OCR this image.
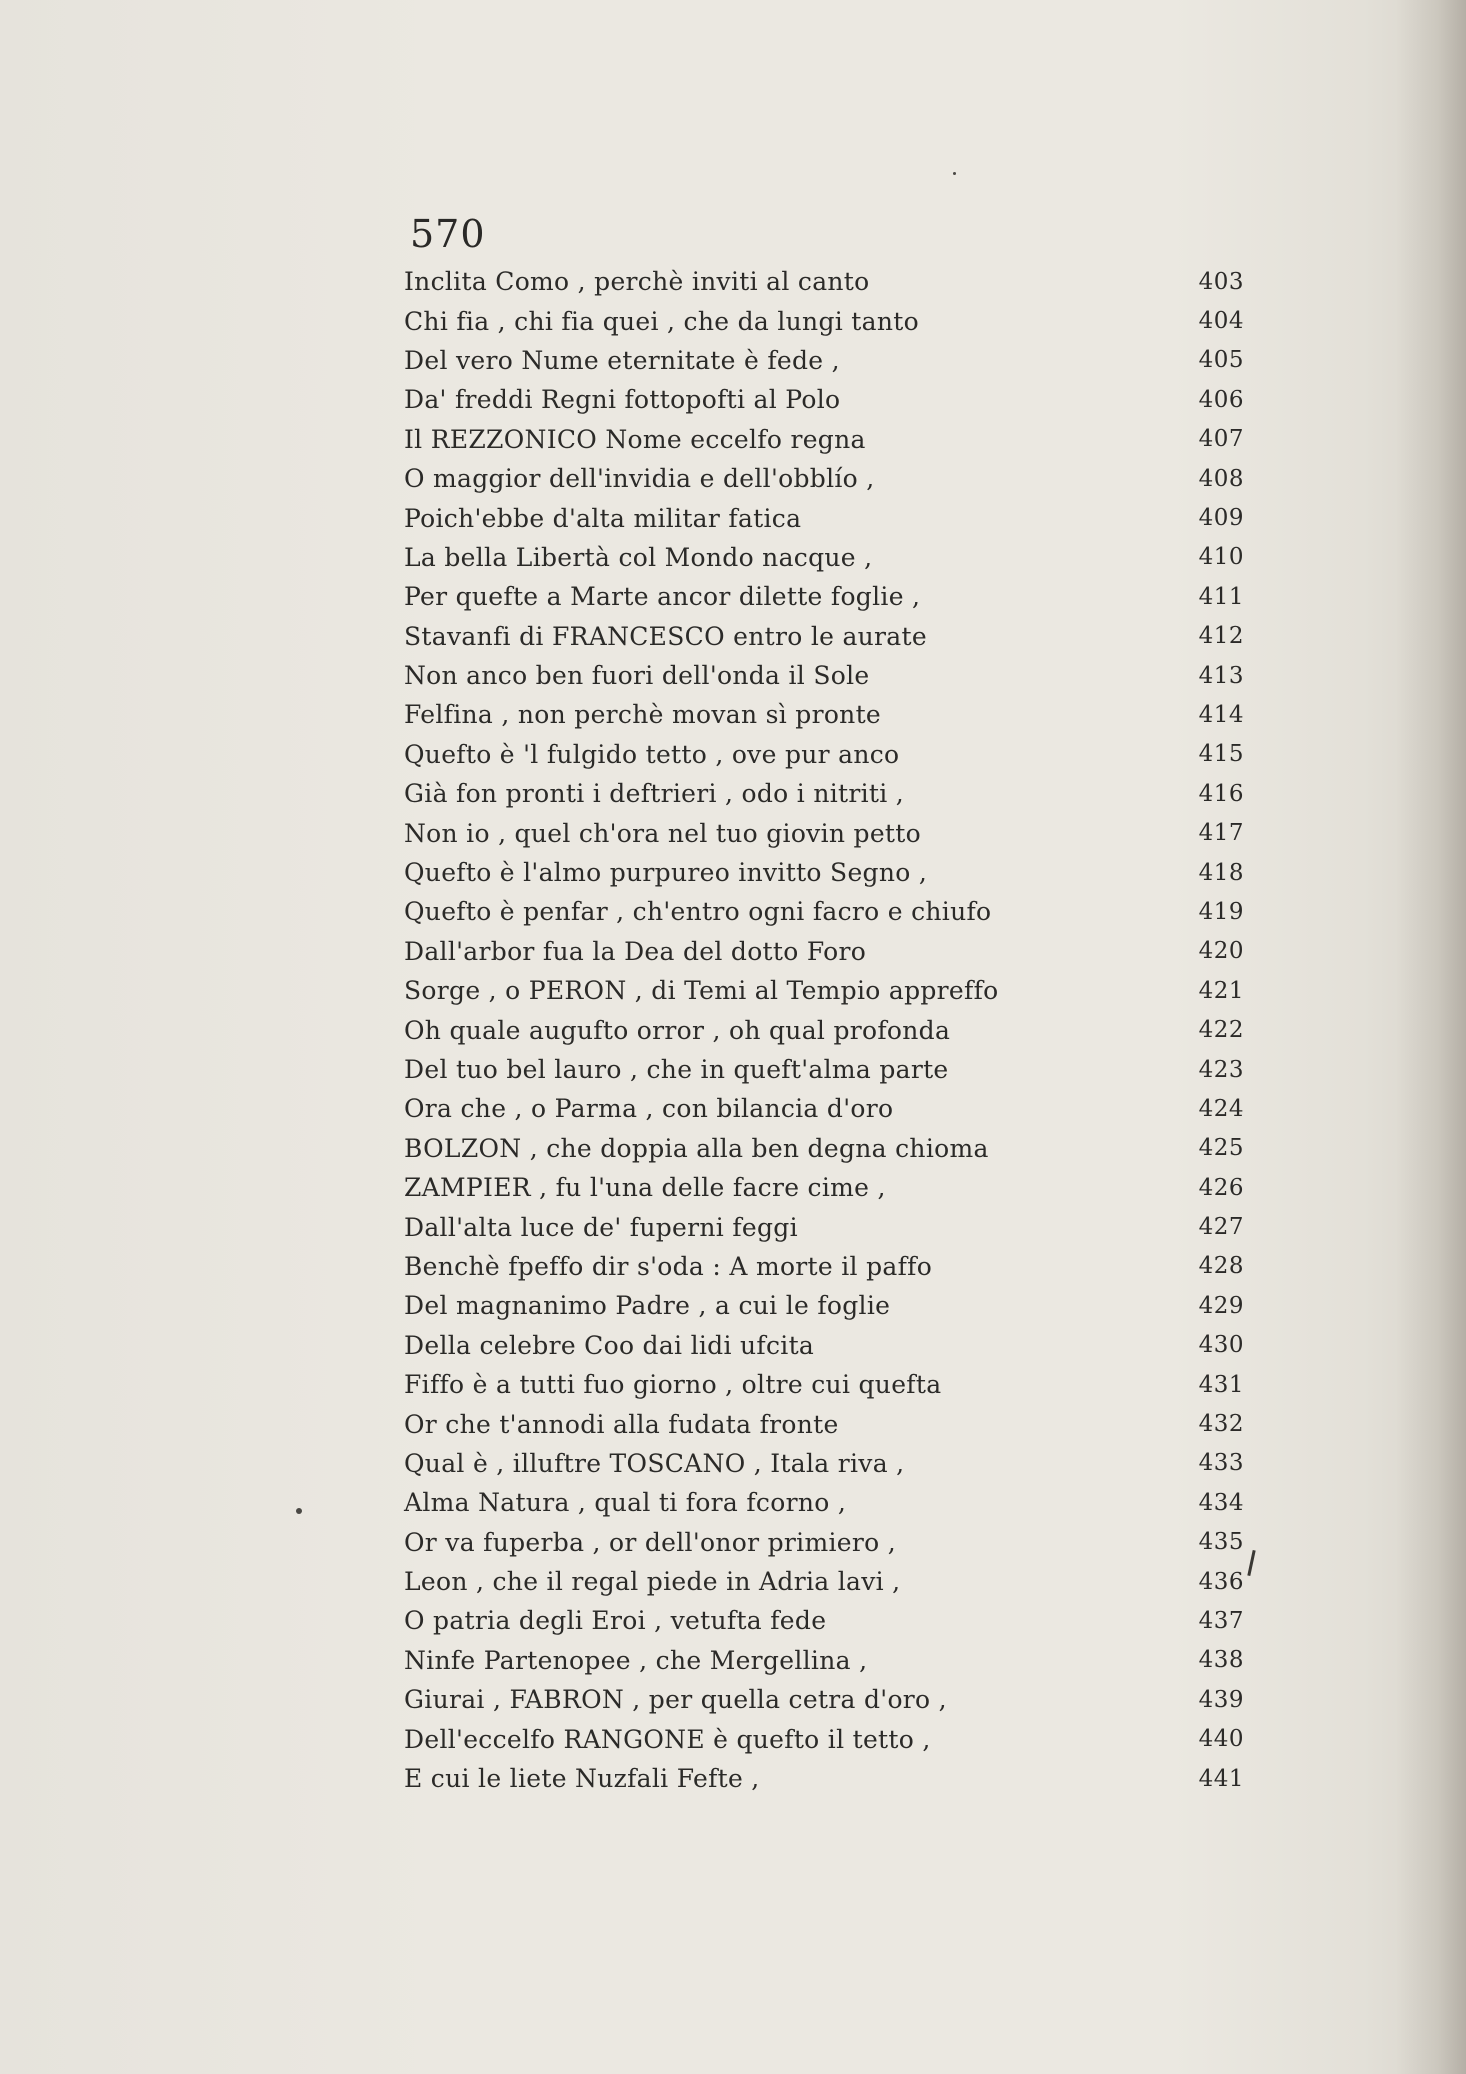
570
Inclita Como , perchè inviti al canto	403
Chi fia , chi fia quei , che da lungi tanto	404
Del vero Nume eternitate è fede ,	405
Da' freddi Regni fottopofti al Polo	406
Il REZZONICO Nome eccelfo regna	407
O maggior dell'invidia e dell'obblío ,	408
Poich'ebbe d'alta militar fatica	409
La bella Libertà col Mondo nacque ,	410
Per quefte a Marte ancor dilette foglie ,	411
Stavanfi di FRANCESCO entro le aurate	412
Non anco ben fuori dell'onda il Sole	413
Felfina , non perchè movan sì pronte	414
Quefto è 'l fulgido tetto , ove pur anco	415
Già fon pronti i deftrieri , odo i nitriti ,	416
Non io , quel ch'ora nel tuo giovin petto	417
Quefto è l'almo purpureo invitto Segno ,	418
Quefto è penfar , ch'entro ogni facro e chiufo	419
Dall'arbor fua la Dea del dotto Foro	420
Sorge , o PERON , di Temi al Tempio appreffo	421
Oh quale augufto orror , oh qual profonda	422
Del tuo bel lauro , che in queft'alma parte	423
Ora che , o Parma , con bilancia d'oro	424
BOLZON , che doppia alla ben degna chioma	425
ZAMPIER , fu l'una delle facre cime ,	426
Dall'alta luce de' fuperni feggi	427
Benchè fpeffo dir s'oda : A morte il paffo	428
Del magnanimo Padre , a cui le foglie	429
Della celebre Coo dai lidi ufcita	430
Fiffo è a tutti fuo giorno , oltre cui quefta	431
Or che t'annodi alla fudata fronte	432
Qual è , illuftre TOSCANO , Itala riva ,	433
Alma Natura , qual ti fora fcorno ,	434
Or va fuperba , or dell'onor primiero ,	435
Leon , che il regal piede in Adria lavi ,	436
O patria degli Eroi , vetufta fede	437
Ninfe Partenopee , che Mergellina ,	438
Giurai , FABRON , per quella cetra d'oro ,	439
Dell'eccelfo RANGONE è quefto il tetto ,	440
E cui le liete Nuzfali Fefte ,	441
